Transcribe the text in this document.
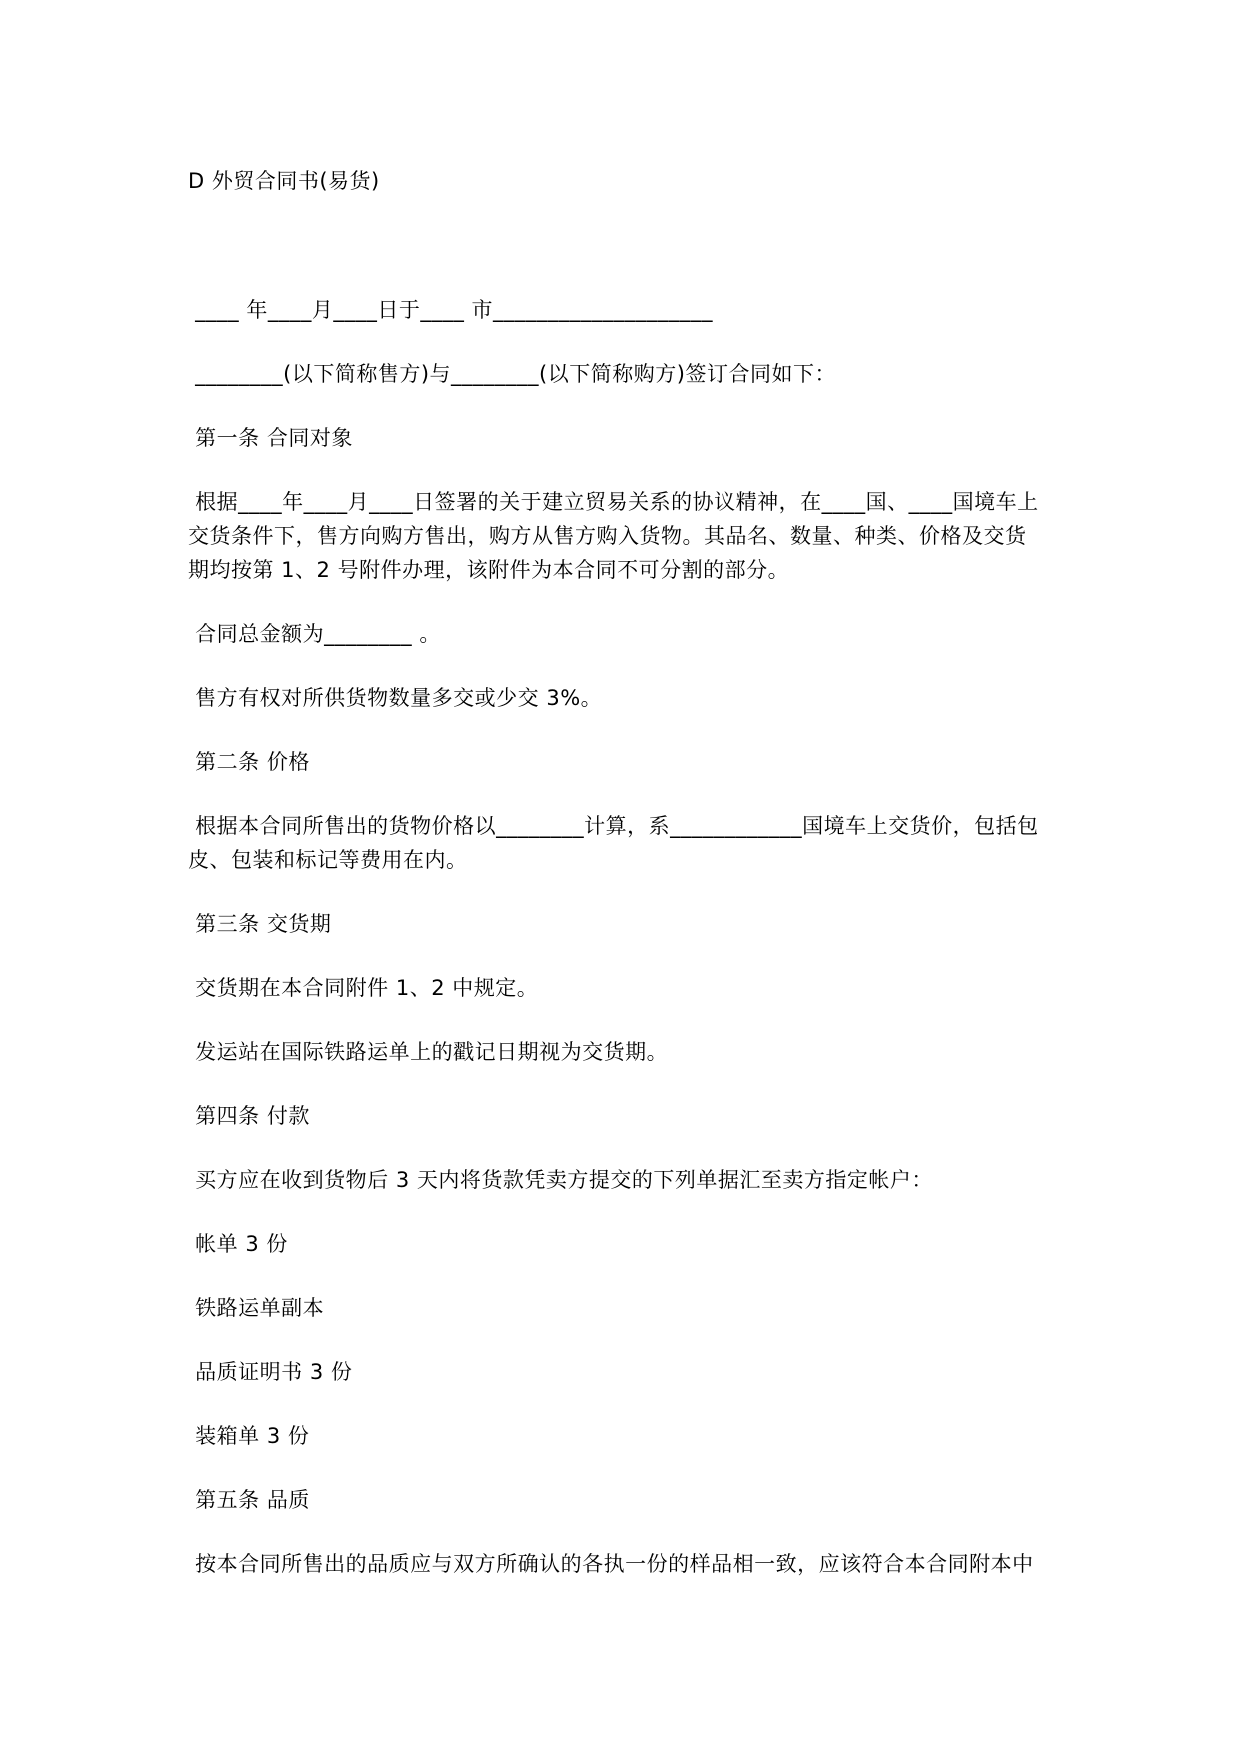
D 外贸合同书(易货)
____ 年____月____日于____ 市____________________
________(以下简称售方)与________(以下简称购方)签订合同如下：
第一条 合同对象
根据____年____月____日签署的关于建立贸易关系的协议精神，在____国、____国境车上
交货条件下，售方向购方售出，购方从售方购入货物。其品名、数量、种类、价格及交货
期均按第 1、2 号附件办理，该附件为本合同不可分割的部分。
合同总金额为________ 。
售方有权对所供货物数量多交或少交 3%。
第二条 价格
根据本合同所售出的货物价格以________计算，系____________国境车上交货价，包括包
皮、包装和标记等费用在内。
第三条 交货期
交货期在本合同附件 1、2 中规定。
发运站在国际铁路运单上的戳记日期视为交货期。
第四条 付款
买方应在收到货物后 3 天内将货款凭卖方提交的下列单据汇至卖方指定帐户：
帐单 3 份
铁路运单副本
品质证明书 3 份
装箱单 3 份
第五条 品质
按本合同所售出的品质应与双方所确认的各执一份的样品相一致，应该符合本合同附本中
